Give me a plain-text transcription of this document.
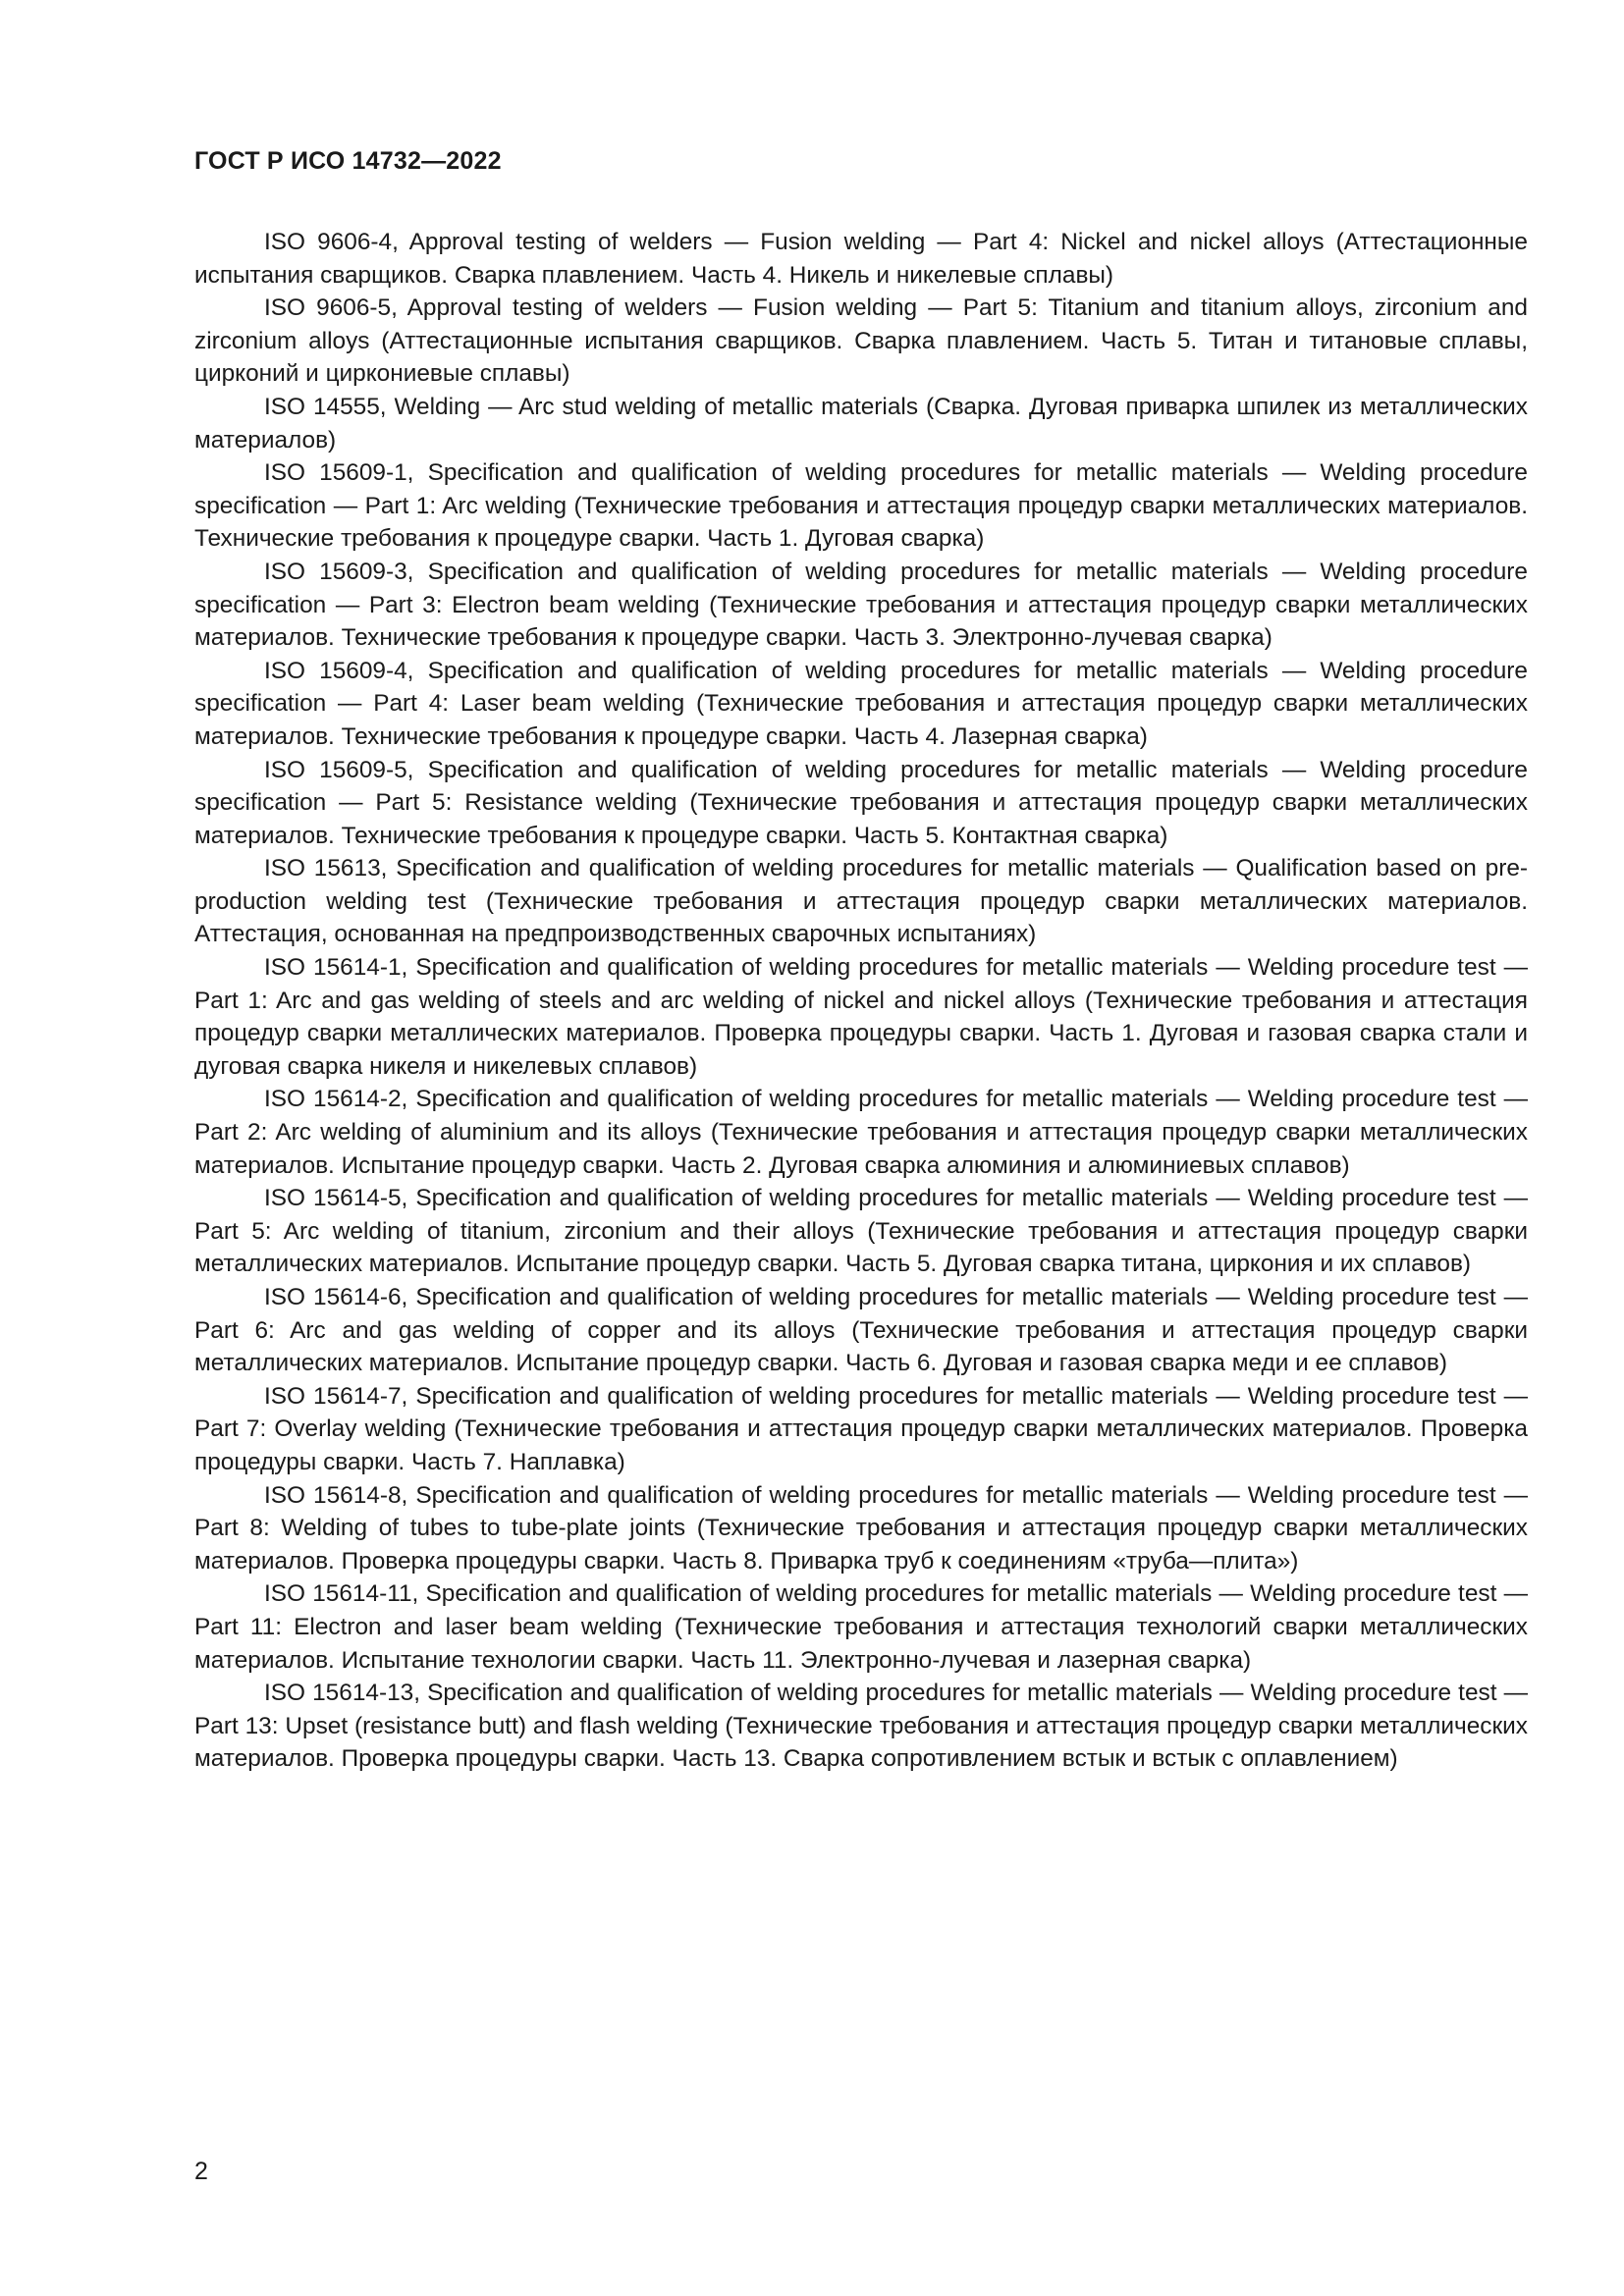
ГОСТ Р ИСО 14732—2022

ISO 9606-4, Approval testing of welders — Fusion welding — Part 4: Nickel and nickel alloys (Аттестационные испытания сварщиков. Сварка плавлением. Часть 4. Никель и никелевые сплавы)

ISO 9606-5, Approval testing of welders — Fusion welding — Part 5: Titanium and titanium alloys, zirconium and zirconium alloys (Аттестационные испытания сварщиков. Сварка плавлением. Часть 5. Титан и титановые сплавы, цирконий и циркониевые сплавы)

ISO 14555, Welding — Arc stud welding of metallic materials (Сварка. Дуговая приварка шпилек из металлических материалов)

ISO 15609-1, Specification and qualification of welding procedures for metallic materials — Welding procedure specification — Part 1: Arc welding (Технические требования и аттестация процедур сварки металлических материалов. Технические требования к процедуре сварки. Часть 1. Дуговая сварка)

ISO 15609-3, Specification and qualification of welding procedures for metallic materials — Welding procedure specification — Part 3: Electron beam welding (Технические требования и аттестация процедур сварки металлических материалов. Технические требования к процедуре сварки. Часть 3. Электронно-лучевая сварка)

ISO 15609-4, Specification and qualification of welding procedures for metallic materials — Welding procedure specification — Part 4: Laser beam welding (Технические требования и аттестация процедур сварки металлических материалов. Технические требования к процедуре сварки. Часть 4. Лазерная сварка)

ISO 15609-5, Specification and qualification of welding procedures for metallic materials — Welding procedure specification — Part 5: Resistance welding (Технические требования и аттестация процедур сварки металлических материалов. Технические требования к процедуре сварки. Часть 5. Контактная сварка)

ISO 15613, Specification and qualification of welding procedures for metallic materials — Qualification based on pre-production welding test (Технические требования и аттестация процедур сварки металлических материалов. Аттестация, основанная на предпроизводственных сварочных испытаниях)

ISO 15614-1, Specification and qualification of welding procedures for metallic materials — Welding procedure test — Part 1: Arc and gas welding of steels and arc welding of nickel and nickel alloys (Технические требования и аттестация процедур сварки металлических материалов. Проверка процедуры сварки. Часть 1. Дуговая и газовая сварка стали и дуговая сварка никеля и никелевых сплавов)

ISO 15614-2, Specification and qualification of welding procedures for metallic materials — Welding procedure test — Part 2: Arc welding of aluminium and its alloys (Технические требования и аттестация процедур сварки металлических материалов. Испытание процедур сварки. Часть 2. Дуговая сварка алюминия и алюминиевых сплавов)

ISO 15614-5, Specification and qualification of welding procedures for metallic materials — Welding procedure test — Part 5: Arc welding of titanium, zirconium and their alloys (Технические требования и аттестация процедур сварки металлических материалов. Испытание процедур сварки. Часть 5. Дуговая сварка титана, циркония и их сплавов)

ISO 15614-6, Specification and qualification of welding procedures for metallic materials — Welding procedure test — Part 6: Arc and gas welding of copper and its alloys (Технические требования и аттестация процедур сварки металлических материалов. Испытание процедур сварки. Часть 6. Дуговая и газовая сварка меди и ее сплавов)

ISO 15614-7, Specification and qualification of welding procedures for metallic materials — Welding procedure test — Part 7: Overlay welding (Технические требования и аттестация процедур сварки металлических материалов. Проверка процедуры сварки. Часть 7. Наплавка)

ISO 15614-8, Specification and qualification of welding procedures for metallic materials — Welding procedure test — Part 8: Welding of tubes to tube-plate joints (Технические требования и аттестация процедур сварки металлических материалов. Проверка процедуры сварки. Часть 8. Приварка труб к соединениям «труба—плита»)

ISO 15614-11, Specification and qualification of welding procedures for metallic materials — Welding procedure test — Part 11: Electron and laser beam welding (Технические требования и аттестация технологий сварки металлических материалов. Испытание технологии сварки. Часть 11. Электронно-лучевая и лазерная сварка)

ISO 15614-13, Specification and qualification of welding procedures for metallic materials — Welding procedure test — Part 13: Upset (resistance butt) and flash welding (Технические требования и аттестация процедур сварки металлических материалов. Проверка процедуры сварки. Часть 13. Сварка сопротивлением встык и встык с оплавлением)

2
